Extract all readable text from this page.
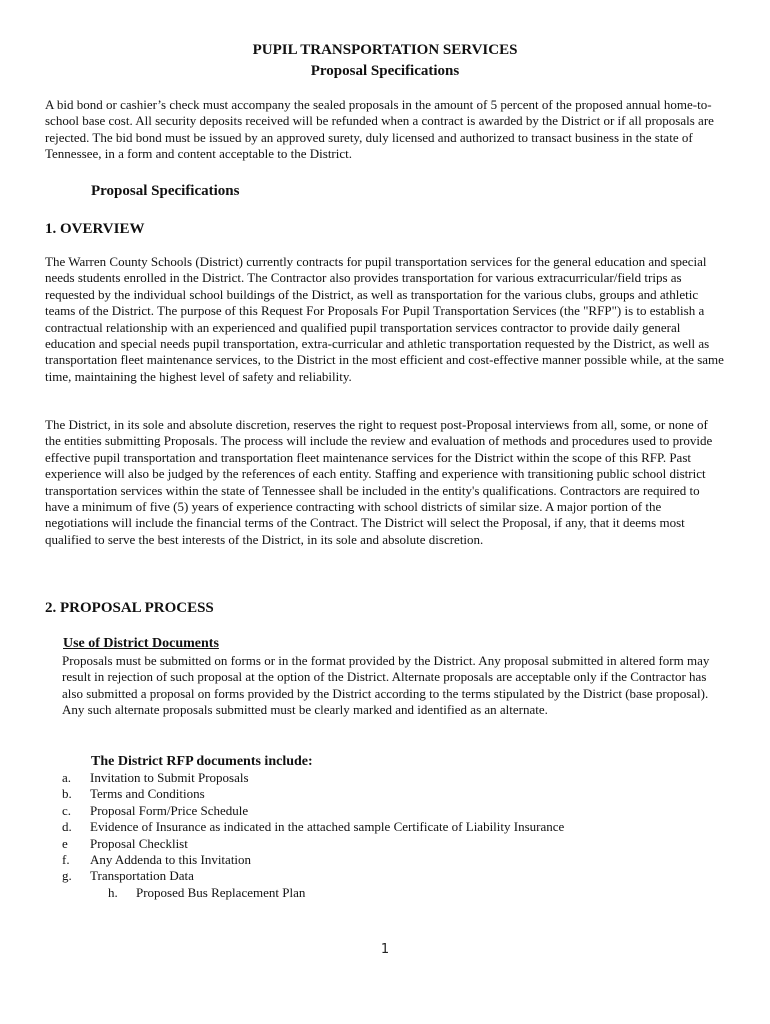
PUPIL TRANSPORTATION SERVICES
Proposal Specifications

A bid bond or cashier’s check must accompany the sealed proposals in the amount of 5 percent of the proposed annual home-to-school base cost. All security deposits received will be refunded when a contract is awarded by the District or if all proposals are rejected. The bid bond must be issued by an approved surety, duly licensed and authorized to transact business in the state of Tennessee, in a form and content acceptable to the District.

Proposal Specifications
1. OVERVIEW

The Warren County Schools (District) currently contracts for pupil transportation services for the general education and special needs students enrolled in the District. The Contractor also provides transportation for various extracurricular/field trips as requested by the individual school buildings of the District, as well as transportation for the various clubs, groups and athletic teams of the District. The purpose of this Request For Proposals For Pupil Transportation Services (the "RFP") is to establish a contractual relationship with an experienced and qualified pupil transportation services contractor to provide daily general education and special needs pupil transportation, extra-curricular and athletic transportation requested by the District, as well as transportation fleet maintenance services, to the District in the most efficient and cost-effective manner possible while, at the same time, maintaining the highest level of safety and reliability.

The District, in its sole and absolute discretion, reserves the right to request post-Proposal interviews from all, some, or none of the entities submitting Proposals. The process will include the review and evaluation of methods and procedures used to provide effective pupil transportation and transportation fleet maintenance services for the District within the scope of this RFP. Past experience will also be judged by the references of each entity. Staffing and experience with transitioning public school district transportation services within the state of Tennessee shall be included in the entity's qualifications. Contractors are required to have a minimum of five (5) years of experience contracting with school districts of similar size. A major portion of the negotiations will include the financial terms of the Contract. The District will select the Proposal, if any, that it deems most qualified to serve the best interests of the District, in its sole and absolute discretion.

2. PROPOSAL PROCESS
Use of District Documents

Proposals must be submitted on forms or in the format provided by the District. Any proposal submitted in altered form may result in rejection of such proposal at the option of the District. Alternate proposals are acceptable only if the Contractor has also submitted a proposal on forms provided by the District according to the terms stipulated by the District (base proposal). Any such alternate proposals submitted must be clearly marked and identified as an alternate.

The District RFP documents include:
a.	Invitation to Submit Proposals
b.	Terms and Conditions
c.	Proposal Form/Price Schedule
d.	Evidence of Insurance as indicated in the attached sample Certificate of Liability Insurance
e	Proposal Checklist
f.	Any Addenda to this Invitation
g.	Transportation Data
h.	Proposed Bus Replacement Plan
1
